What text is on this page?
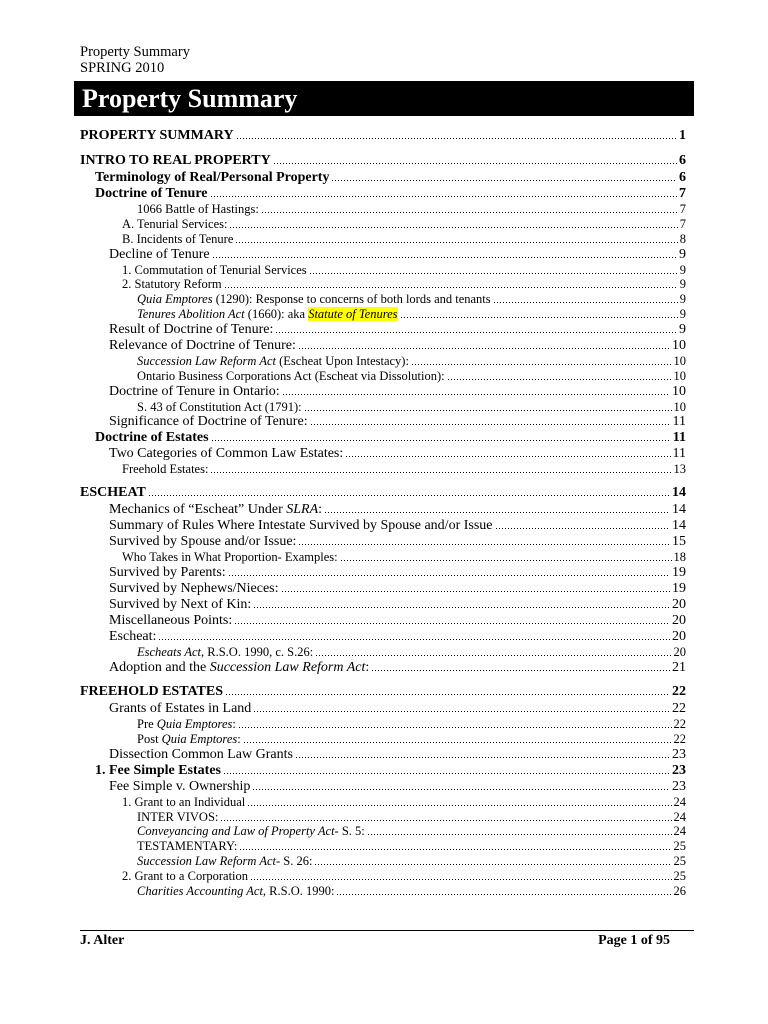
Property Summary
SPRING 2010
Property Summary
PROPERTY SUMMARY	1
INTRO TO REAL PROPERTY	6
Terminology of Real/Personal Property	6
Doctrine of Tenure	7
1066 Battle of Hastings:	7
A. Tenurial Services:	7
B. Incidents of Tenure	8
Decline of Tenure	9
1. Commutation of Tenurial Services	9
2. Statutory Reform	9
Quia Emptores (1290): Response to concerns of both lords and tenants	9
Tenures Abolition Act (1660): aka Statute of Tenures	9
Result of Doctrine of Tenure:	9
Relevance of Doctrine of Tenure:	10
Succession Law Reform Act (Escheat Upon Intestacy):	10
Ontario Business Corporations Act (Escheat via Dissolution):	10
Doctrine of Tenure in Ontario:	10
S. 43 of Constitution Act (1791):	10
Significance of Doctrine of Tenure:	11
Doctrine of Estates	11
Two Categories of Common Law Estates:	11
Freehold Estates:	13
ESCHEAT	14
Mechanics of “Escheat” Under SLRA:	14
Summary of Rules Where Intestate Survived by Spouse and/or Issue	14
Survived by Spouse and/or Issue:	15
Who Takes in What Proportion- Examples:	18
Survived by Parents:	19
Survived by Nephews/Nieces:	19
Survived by Next of Kin:	20
Miscellaneous Points:	20
Escheat:	20
Escheats Act, R.S.O. 1990, c. S.26:	20
Adoption and the Succession Law Reform Act:	21
FREEHOLD ESTATES	22
Grants of Estates in Land	22
Pre Quia Emptores:	22
Post Quia Emptores:	22
Dissection Common Law Grants	23
1. Fee Simple Estates	23
Fee Simple v. Ownership	23
1. Grant to an Individual	24
INTER VIVOS:	24
Conveyancing and Law of Property Act- S. 5:	24
TESTAMENTARY:	25
Succession Law Reform Act- S. 26:	25
2. Grant to a Corporation	25
Charities Accounting Act, R.S.O. 1990:	26
J. Alter	Page 1 of 95
